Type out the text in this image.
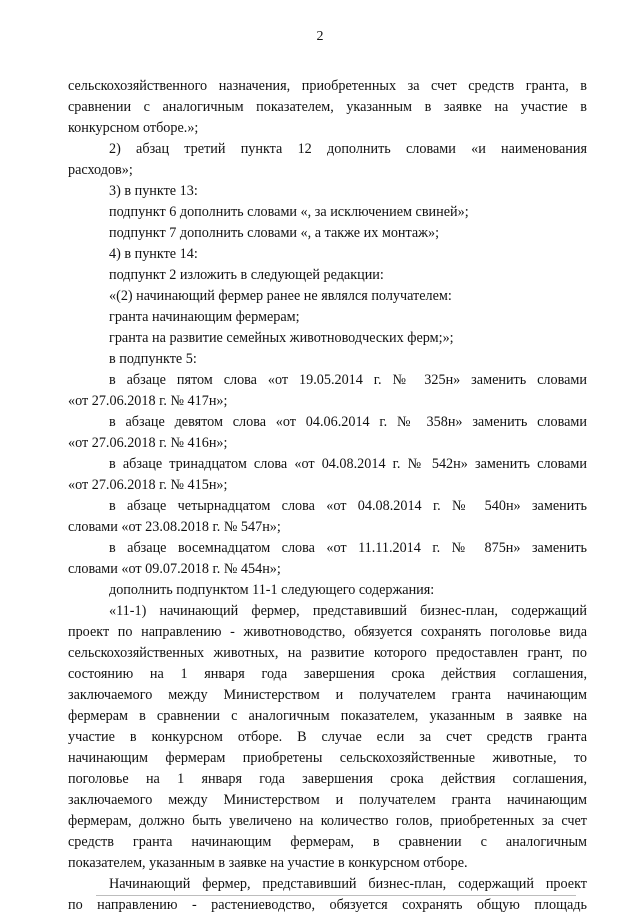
2
сельскохозяйственного назначения, приобретенных за счет средств гранта, в
сравнении с аналогичным показателем, указанным в заявке на участие в
конкурсном отборе.»;
2) абзац третий пункта 12 дополнить словами «и наименования
расходов»;
3) в пункте 13:
подпункт 6 дополнить словами «, за исключением свиней»;
подпункт 7 дополнить словами «, а также их монтаж»;
4) в пункте 14:
подпункт 2 изложить в следующей редакции:
«(2) начинающий фермер ранее не являлся получателем:
гранта начинающим фермерам;
гранта на развитие семейных животноводческих ферм;»;
в подпункте 5:
в абзаце пятом слова «от 19.05.2014 г. № 325н» заменить словами
«от 27.06.2018 г. № 417н»;
в абзаце девятом слова «от 04.06.2014 г. № 358н» заменить словами
«от 27.06.2018 г. № 416н»;
в абзаце тринадцатом слова «от 04.08.2014 г. № 542н» заменить словами
«от 27.06.2018 г. № 415н»;
в абзаце четырнадцатом слова «от 04.08.2014 г. № 540н» заменить
словами «от 23.08.2018 г. № 547н»;
в абзаце восемнадцатом слова «от 11.11.2014 г. № 875н» заменить
словами «от 09.07.2018 г. № 454н»;
дополнить подпунктом 11-1 следующего содержания:
«11-1) начинающий фермер, представивший бизнес-план, содержащий
проект по направлению - животноводство, обязуется сохранять поголовье вида
сельскохозяйственных животных, на развитие которого предоставлен грант, по
состоянию на 1 января года завершения срока действия соглашения,
заключаемого между Министерством и получателем гранта начинающим
фермерам в сравнении с аналогичным показателем, указанным в заявке на
участие в конкурсном отборе. В случае если за счет средств гранта
начинающим фермерам приобретены сельскохозяйственные животные, то
поголовье на 1 января года завершения срока действия соглашения,
заключаемого между Министерством и получателем гранта начинающим
фермерам, должно быть увеличено на количество голов, приобретенных за счет
средств гранта начинающим фермерам, в сравнении с аналогичным
показателем, указанным в заявке на участие в конкурсном отборе.
Начинающий фермер, представивший бизнес-план, содержащий проект
по направлению - растениеводство, обязуется сохранять общую площадь
